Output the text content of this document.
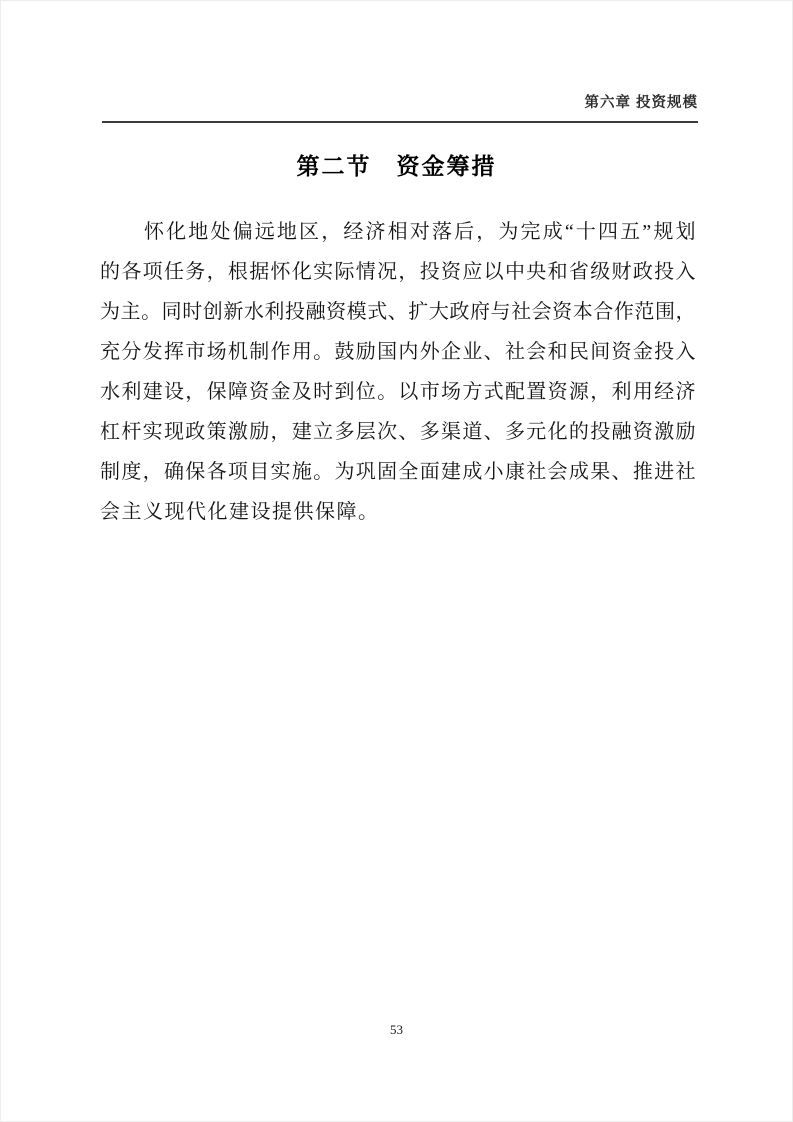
第六章 投资规模
第二节　资金筹措
怀化地处偏远地区，经济相对落后，为完成“十四五”规划
的各项任务，根据怀化实际情况，投资应以中央和省级财政投入
为主。同时创新水利投融资模式、扩大政府与社会资本合作范围，
充分发挥市场机制作用。鼓励国内外企业、社会和民间资金投入
水利建设，保障资金及时到位。以市场方式配置资源，利用经济
杠杆实现政策激励，建立多层次、多渠道、多元化的投融资激励
制度，确保各项目实施。为巩固全面建成小康社会成果、推进社
会主义现代化建设提供保障。
53
